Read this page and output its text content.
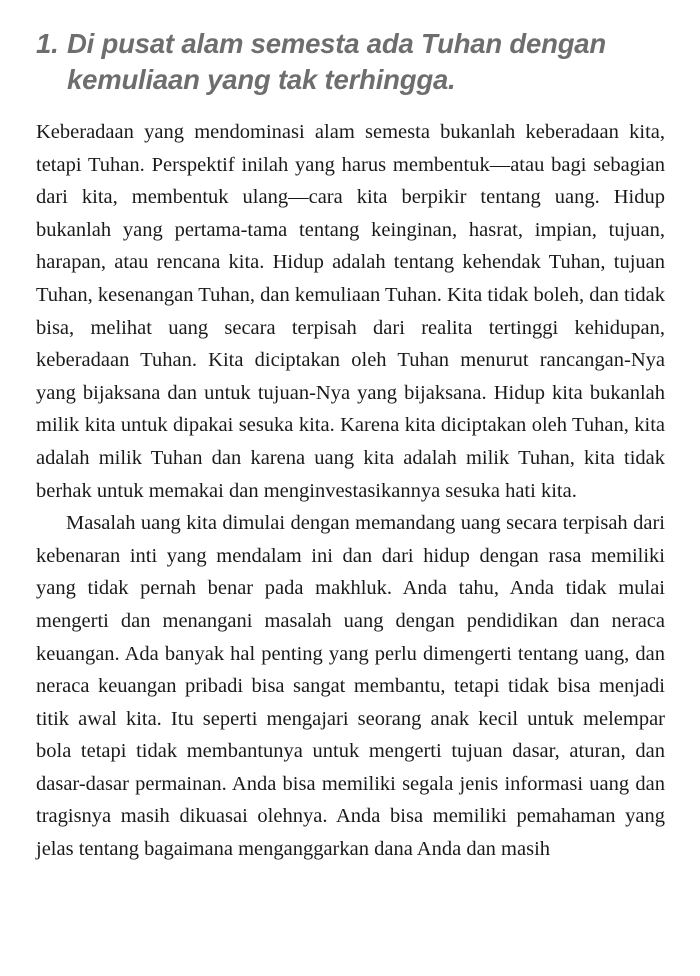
1. Di pusat alam semesta ada Tuhan dengan kemuliaan yang tak terhingga.

Keberadaan yang mendominasi alam semesta bukanlah keberadaan kita, tetapi Tuhan. Perspektif inilah yang harus membentuk—atau bagi sebagian dari kita, membentuk ulang—cara kita berpikir tentang uang. Hidup bukanlah yang pertama-tama tentang keinginan, hasrat, impian, tujuan, harapan, atau rencana kita. Hidup adalah tentang kehendak Tuhan, tujuan Tuhan, kesenangan Tuhan, dan kemuliaan Tuhan. Kita tidak boleh, dan tidak bisa, melihat uang secara terpisah dari realita tertinggi kehidupan, keberadaan Tuhan. Kita diciptakan oleh Tuhan menurut rancangan-Nya yang bijaksana dan untuk tujuan-Nya yang bijaksana. Hidup kita bukanlah milik kita untuk dipakai sesuka kita. Karena kita diciptakan oleh Tuhan, kita adalah milik Tuhan dan karena uang kita adalah milik Tuhan, kita tidak berhak untuk memakai dan menginvestasikannya sesuka hati kita.

Masalah uang kita dimulai dengan memandang uang secara terpisah dari kebenaran inti yang mendalam ini dan dari hidup dengan rasa memiliki yang tidak pernah benar pada makhluk. Anda tahu, Anda tidak mulai mengerti dan menangani masalah uang dengan pendidikan dan neraca keuangan. Ada banyak hal penting yang perlu dimengerti tentang uang, dan neraca keuangan pribadi bisa sangat membantu, tetapi tidak bisa menjadi titik awal kita. Itu seperti mengajari seorang anak kecil untuk melempar bola tetapi tidak membantunya untuk mengerti tujuan dasar, aturan, dan dasar-dasar permainan. Anda bisa memiliki segala jenis informasi uang dan tragisnya masih dikuasai olehnya. Anda bisa memiliki pemahaman yang jelas tentang bagaimana menganggarkan dana Anda dan masih
